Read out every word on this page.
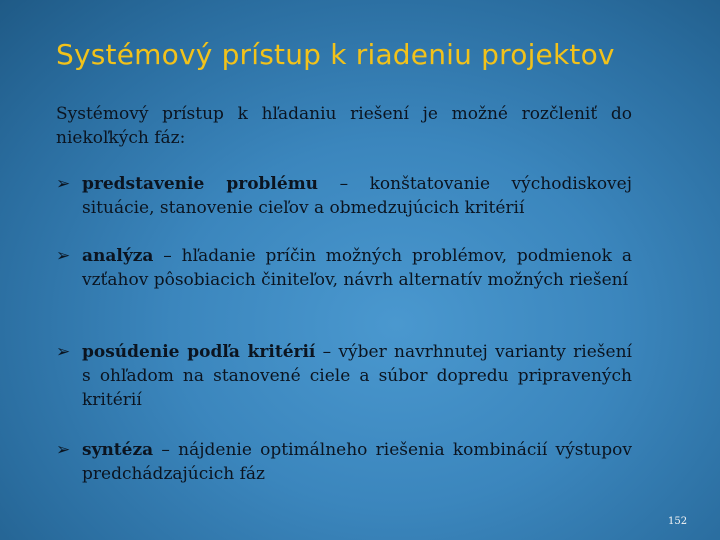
Systémový prístup k riadeniu projektov
Systémový prístup k hľadaniu riešení je možné rozčleniť do niekoľkých fáz:
➢ predstavenie problému – konštatovanie východiskovej situácie, stanovenie cieľov a obmedzujúcich kritérií
➢ analýza – hľadanie príčin možných problémov, podmienok a vzťahov pôsobiacich činiteľov, návrh alternatív možných riešení
➢ posúdenie podľa kritérií – výber navrhnutej varianty riešení s ohľadom na stanovené ciele a súbor dopredu pripravených kritérií
➢ syntéza – nájdenie optimálneho riešenia kombinácií výstupov predchádzajúcich fáz
152
